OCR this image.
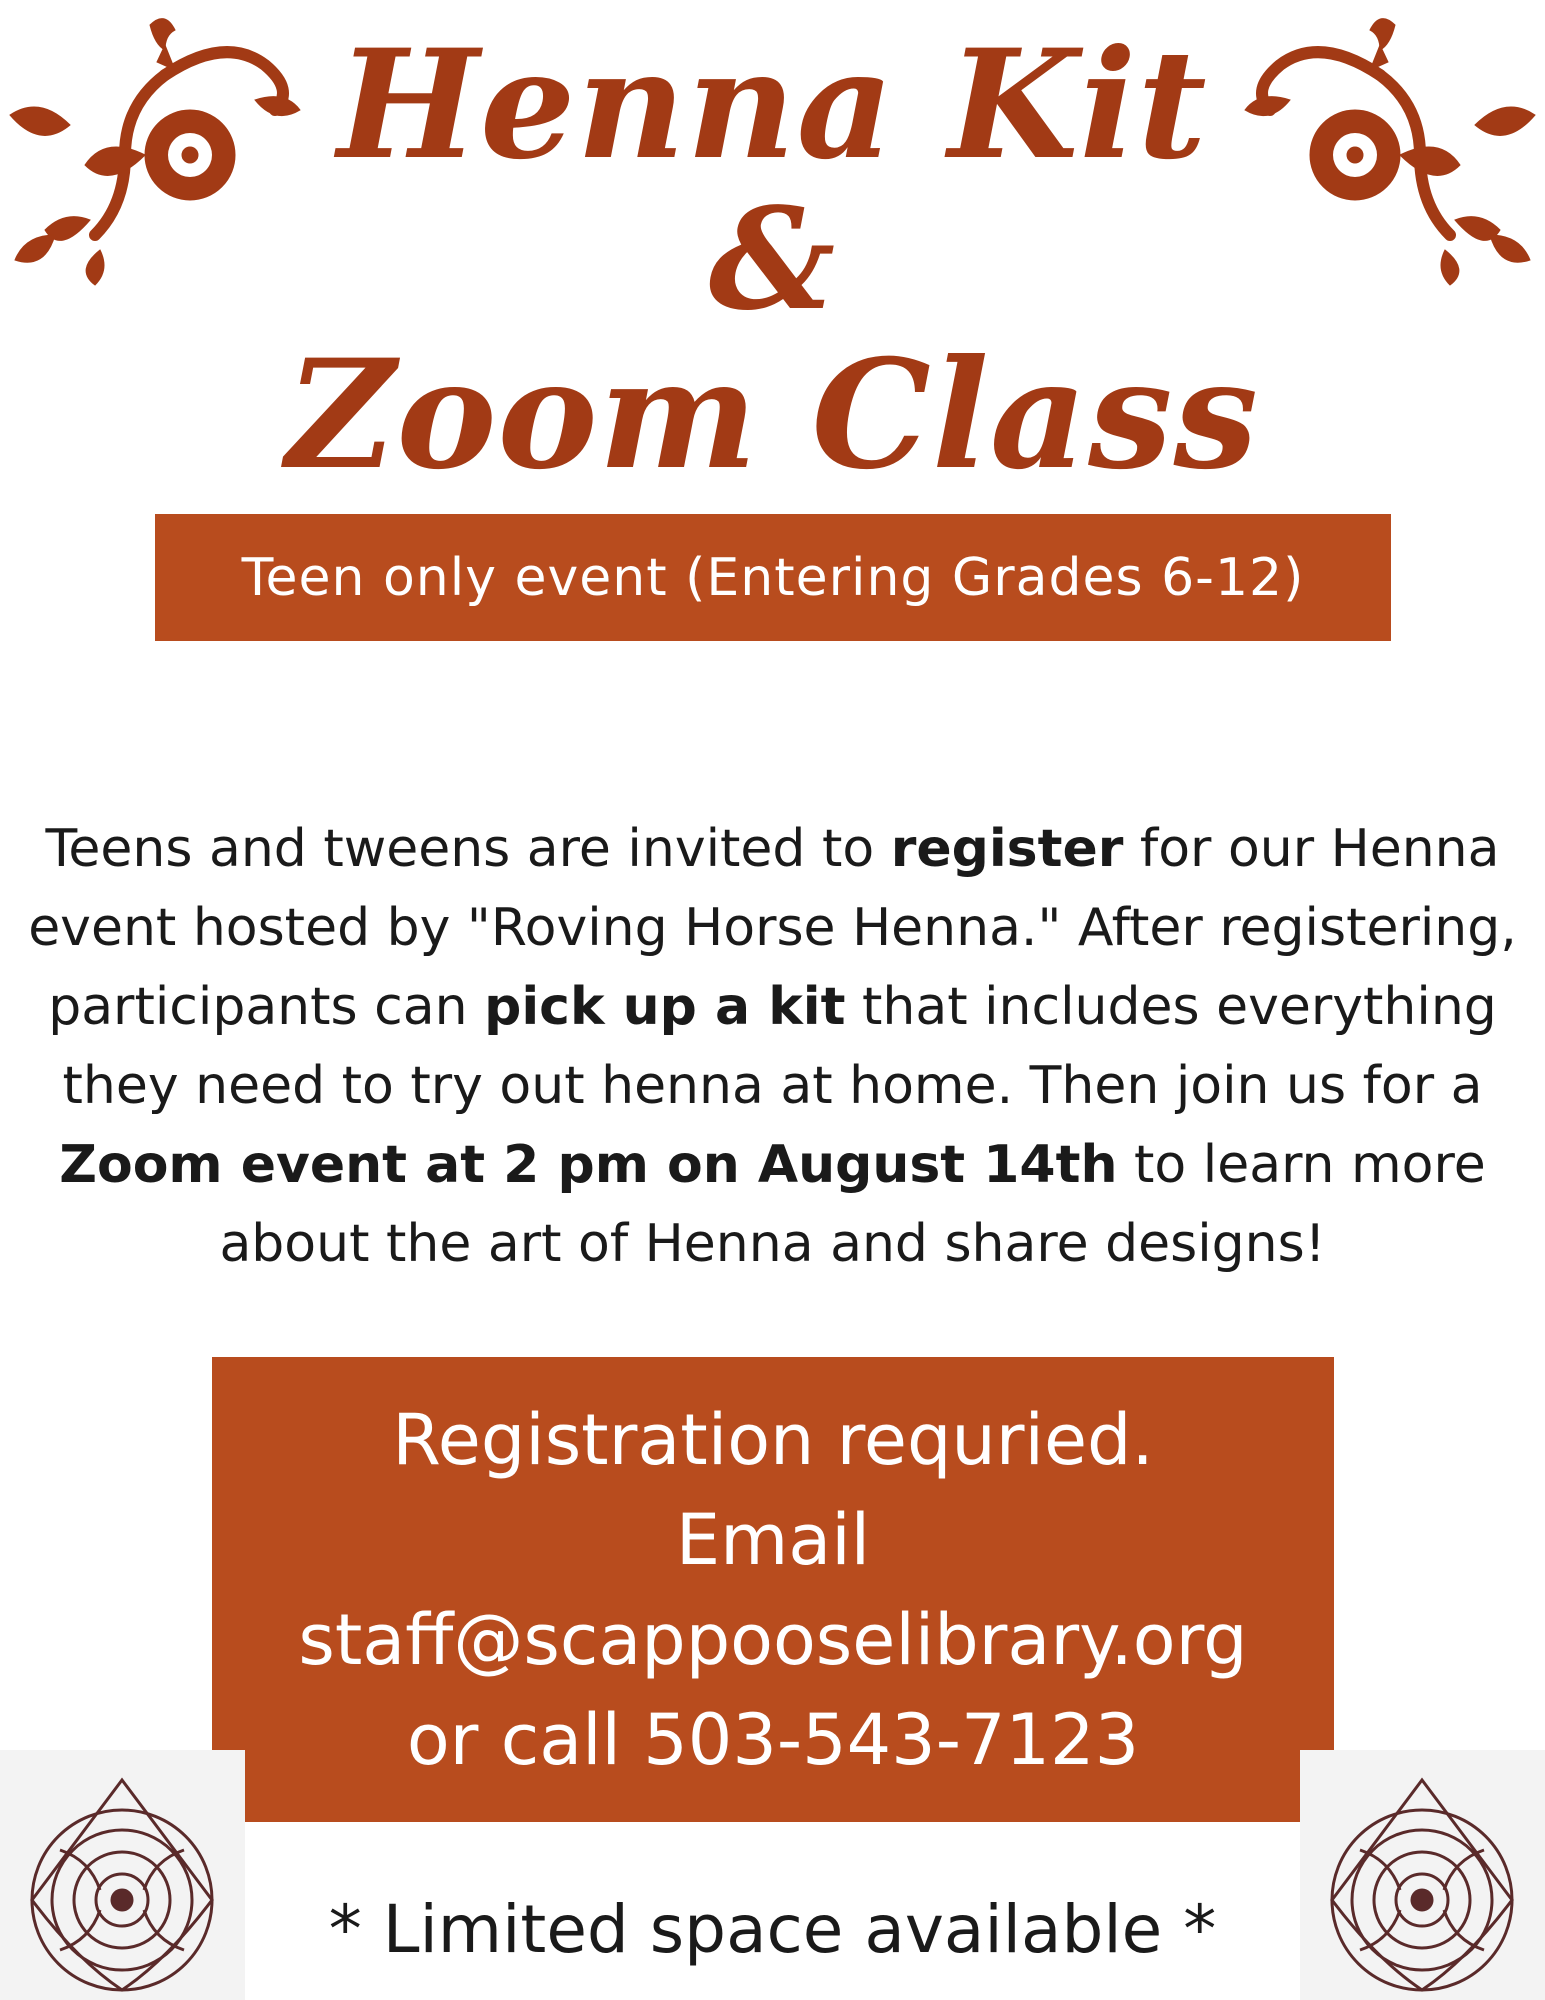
Henna Kit
&
Zoom Class
Teen only event (Entering Grades 6-12)

Teens and tweens are invited to register for our Henna event hosted by "Roving Horse Henna." After registering, participants can pick up a kit that includes everything they need to try out henna at home. Then join us for a Zoom event at 2 pm on August 14th to learn more about the art of Henna and share designs!

Registration requried.
Email
staff@scappooselibrary.org
or call 503-543-7123
* Limited space available *
